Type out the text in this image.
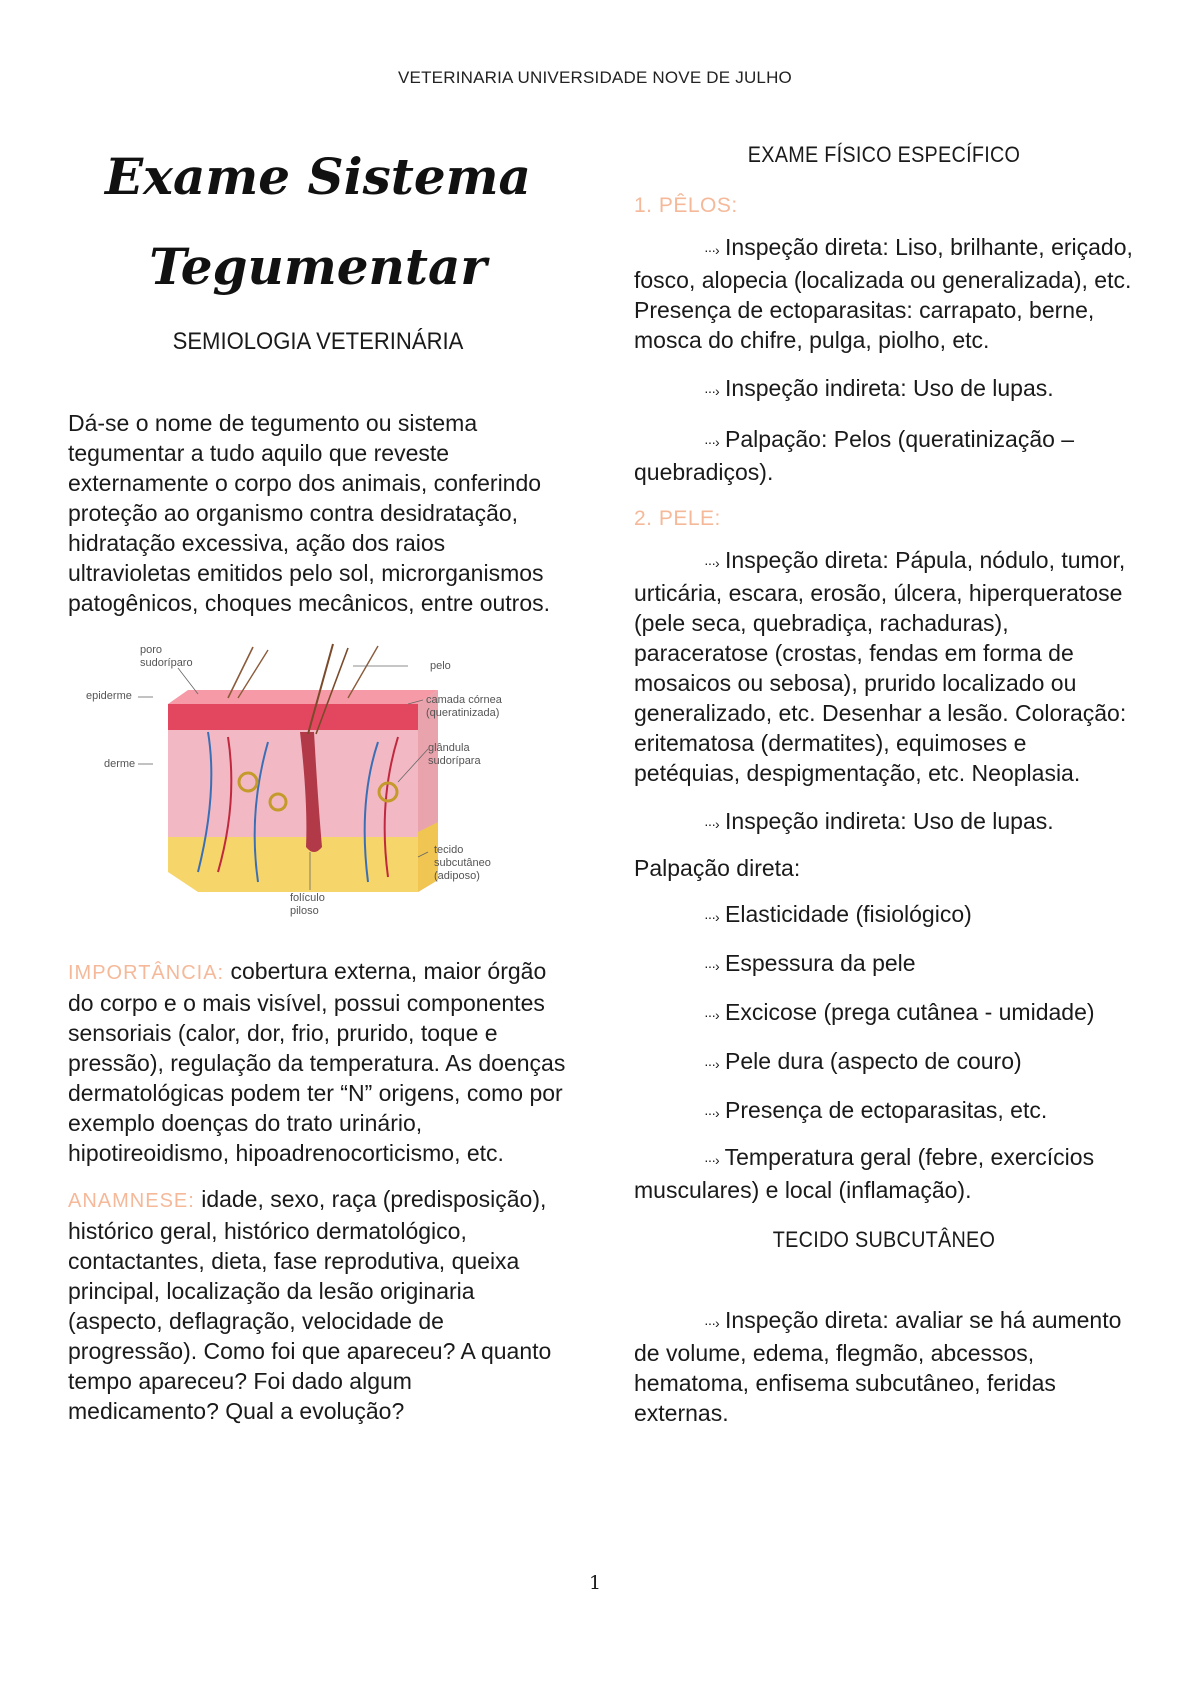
VETERINARIA UNIVERSIDADE NOVE DE JULHO
Exame Sistema
Tegumentar
SEMIOLOGIA VETERINÁRIA

Dá-se o nome de tegumento ou sistema tegumentar a tudo aquilo que reveste externamente o corpo dos animais, conferindo proteção ao organismo contra desidratação, hidratação excessiva, ação dos raios ultravioletas emitidos pelo sol, microrganismos patogênicos, choques mecânicos, entre outros.

poro
sudoríparo	pelo
epiderme	camada córnea
(queratinizada)
derme
glândula
sudorípara
tecido
subcutâneo
(adiposo)
folículo
piloso

IMPORTÂNCIA: cobertura externa, maior órgão do corpo e o mais visível, possui componentes sensoriais (calor, dor, frio, prurido, toque e pressão), regulação da temperatura. As doenças dermatológicas podem ter “N” origens, como por exemplo doenças do trato urinário, hipotireoidismo, hipoadrenocorticismo, etc.

ANAMNESE: idade, sexo, raça (predisposição), histórico geral, histórico dermatológico, contactantes, dieta, fase reprodutiva, queixa principal, localização da lesão originaria (aspecto, deflagração, velocidade de progressão). Como foi que apareceu? A quanto tempo apareceu? Foi dado algum medicamento? Qual a evolução?

EXAME FÍSICO ESPECÍFICO
1. PÊLOS:

···› Inspeção direta: Liso, brilhante, eriçado, fosco, alopecia (localizada ou generalizada), etc. Presença de ectoparasitas: carrapato, berne, mosca do chifre, pulga, piolho, etc.

···› Inspeção indireta: Uso de lupas.

···› Palpação: Pelos (queratinização – quebradiços).

2. PELE:

···› Inspeção direta: Pápula, nódulo, tumor, urticária, escara, erosão, úlcera, hiperqueratose (pele seca, quebradiça, rachaduras), paraceratose (crostas, fendas em forma de mosaicos ou sebosa), prurido localizado ou generalizado, etc. Desenhar a lesão. Coloração: eritematosa (dermatites), equimoses e petéquias, despigmentação, etc. Neoplasia.

···› Inspeção indireta: Uso de lupas.

Palpação direta:

···› Elasticidade (fisiológico)
···› Espessura da pele
···› Excicose (prega cutânea - umidade)
···› Pele dura (aspecto de couro)
···› Presença de ectoparasitas, etc.

···› Temperatura geral (febre, exercícios musculares) e local (inflamação).

TECIDO SUBCUTÂNEO

···› Inspeção direta: avaliar se há aumento de volume, edema, flegmão, abcessos, hematoma, enfisema subcutâneo, feridas externas.

1
